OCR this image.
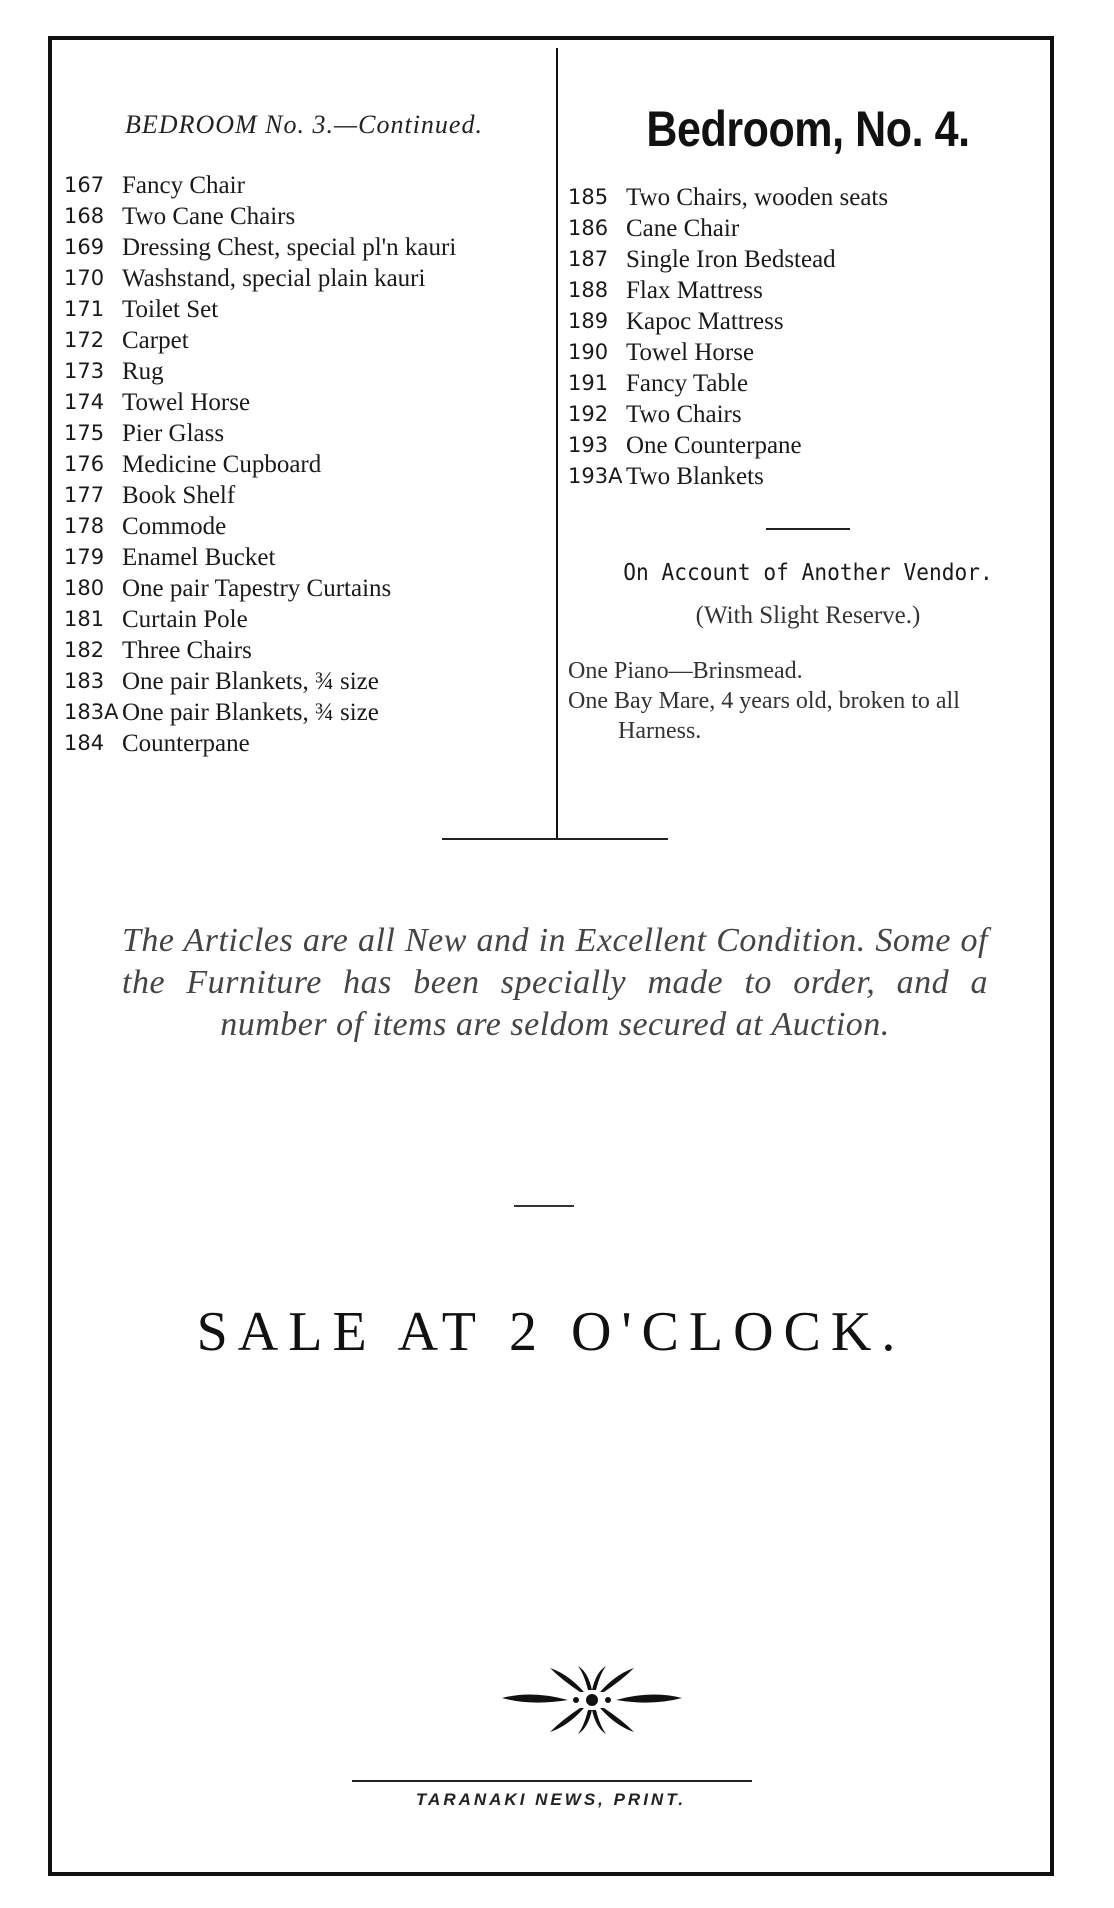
BEDROOM No. 3.—Continued.
167 Fancy Chair
168 Two Cane Chairs
169 Dressing Chest, special pl'n kauri
170 Washstand, special plain kauri
171 Toilet Set
172 Carpet
173 Rug
174 Towel Horse
175 Pier Glass
176 Medicine Cupboard
177 Book Shelf
178 Commode
179 Enamel Bucket
180 One pair Tapestry Curtains
181 Curtain Pole
182 Three Chairs
183 One pair Blankets, ¾ size
183A One pair Blankets, ¾ size
184 Counterpane
Bedroom, No. 4.
185 Two Chairs, wooden seats
186 Cane Chair
187 Single Iron Bedstead
188 Flax Mattress
189 Kapoc Mattress
190 Towel Horse
191 Fancy Table
192 Two Chairs
193 One Counterpane
193A Two Blankets
On Account of Another Vendor.
(With Slight Reserve.)

One Piano—Brinsmead.

One Bay Mare, 4 years old, broken to all Harness.

The Articles are all New and in Excellent Condition. Some of the Furniture has been specially made to order, and a number of items are seldom secured at Auction.
SALE AT 2 O'CLOCK.
TARANAKI NEWS, PRINT.
